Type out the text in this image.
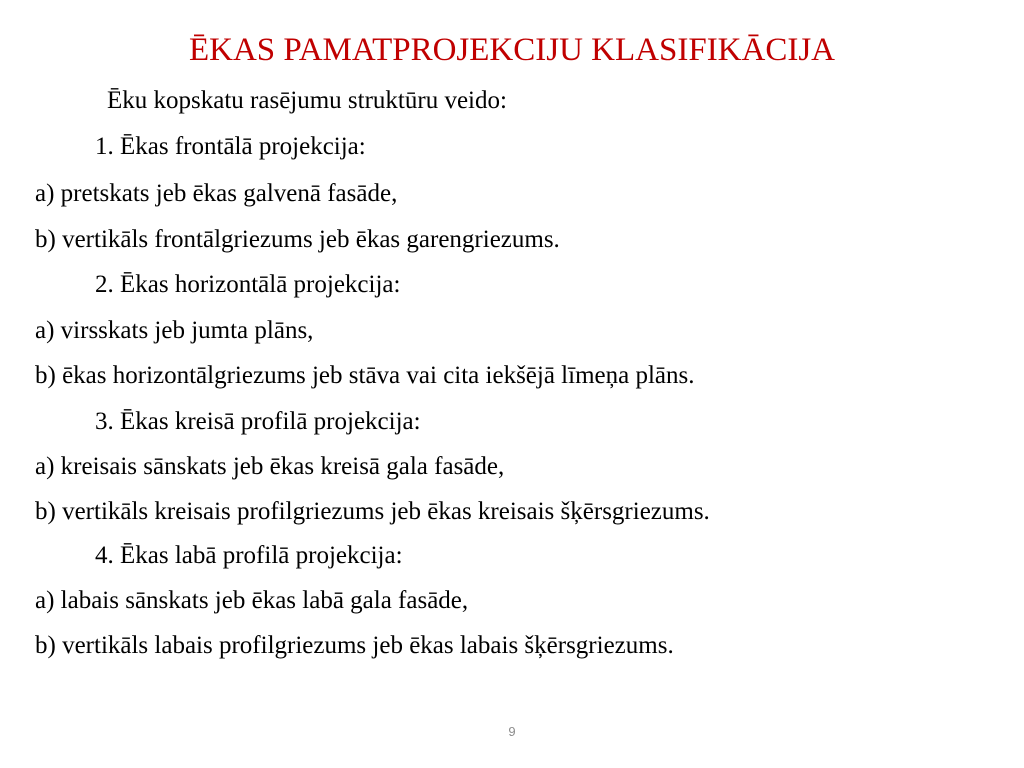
ĒKAS PAMATPROJEKCIJU KLASIFIKĀCIJA
Ēku kopskatu rasējumu struktūru veido:
1. Ēkas frontālā projekcija:
a) pretskats jeb ēkas galvenā fasāde,
b) vertikāls frontālgriezums jeb ēkas garengriezums.
2. Ēkas horizontālā projekcija:
a) virsskats jeb jumta plāns,
b) ēkas horizontālgriezums jeb stāva vai cita iekšējā līmeņa plāns.
3. Ēkas kreisā profilā projekcija:
a) kreisais sānskats jeb ēkas kreisā gala fasāde,
b) vertikāls kreisais profilgriezums jeb ēkas kreisais šķērsgriezums.
4. Ēkas labā profilā projekcija:
a) labais sānskats jeb ēkas labā gala fasāde,
b) vertikāls labais profilgriezums jeb ēkas labais šķērsgriezums.
9
